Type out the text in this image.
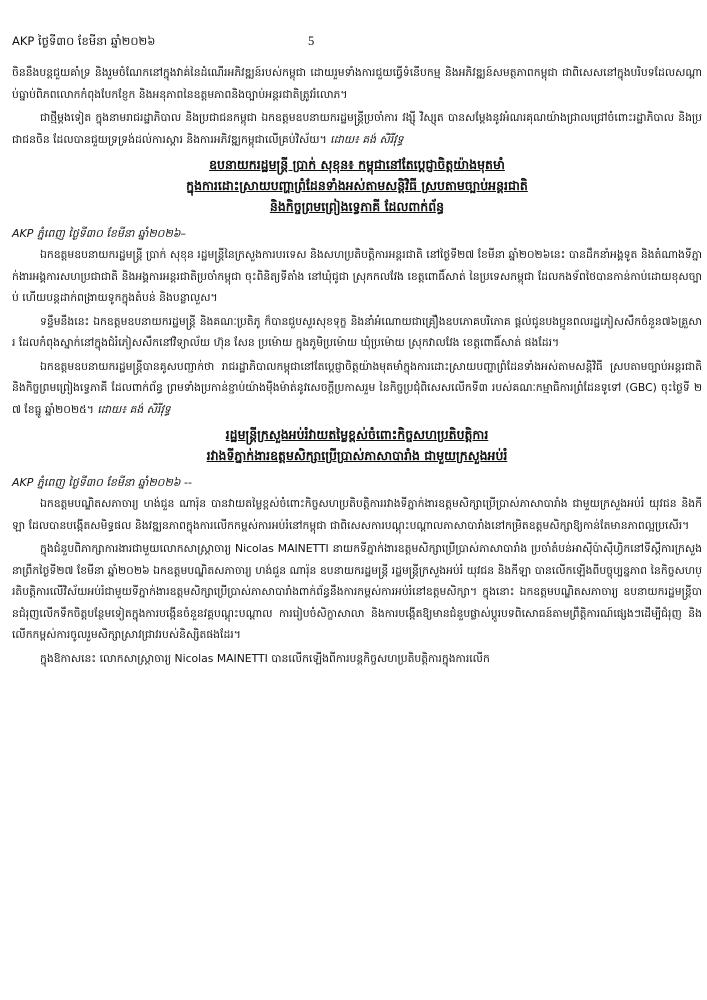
AKP ថ្ងៃទី៣០ ខែមីនា ឆ្នាំ២០២៦	5

ចិននឹងបន្តជួយគាំទ្រ និងរួមចំណែកនៅក្នុងវាគ់នៃដំណើរអភិវឌ្ឍន៍របស់កម្ពុជា ដោយរួមទាំងការជួយធ្វើទំនើបកម្ម និងអភិវឌ្ឍន៍សមត្ថភាពកម្ពុជា ជាពិសេសនៅក្នុងបរិបទដែលសណ្តាប់ធ្នាប់ពិភពលោកកំពុងបែកខ្ញែក និងអនុភាពនៃឧត្តមភាពនិងច្បាប់អន្តរជាតិត្រូវរំលោភ។

ជាថ្មីម្តងទៀត ក្នុងនាមរាជរដ្ឋាភិបាល និងប្រជាជនកម្ពុជា ឯកឧត្តមឧបនាយករដ្ឋមន្ត្រីប្រចាំការ វង្ស៊ី វិស្សុត បានសម្តែងនូវអំណរគុណយ៉ាងជ្រាលជ្រៅចំពោះរដ្ឋាភិបាល និងប្រជាជនចិន ដែលបានជួយទ្រទ្រង់ដល់ការស្តារ និងការអភិវឌ្ឍកម្ពុជាលើគ្រប់វិស័យ។ ដោយ៖ គង់ សិរីវុទ្ធ

ឧបនាយករដ្ឋមន្ត្រី ប្រាក់ សុខុន៖ កម្ពុជានៅតែប្តេជ្ញាចិត្តយ៉ាងមុតមាំ
ក្នុងការដោះស្រាយបញ្ហាព្រំដែនទាំងអស់តាមសន្តិវិធី ស្របតាមច្បាប់អន្តរជាតិ
និងកិច្ចព្រមព្រៀងទ្វេភាគី ដែលពាក់ព័ន្ធ

AKP ភ្នំពេញ ថ្ងៃទី៣០ ខែមីនា ឆ្នាំ២០២៦–

ឯកឧត្តមឧបនាយករដ្ឋមន្ត្រី ប្រាក់ សុខុន រដ្ឋមន្ត្រីនៃក្រសួងការបរទេស និងសហប្រតិបត្តិការអន្តរជាតិ នៅថ្ងៃទី២៧ ខែមីនា ឆ្នាំ២០២៦នេះ បានដឹកនាំអង្គទូត និងតំណាងទីភ្នាក់ងារអង្គការសហប្រជាជាតិ និងអង្គការអន្តរជាតិប្រចាំកម្ពុជា ចុះពិនិត្យទីតាំង នៅឃុំជូជា ស្រុកកលវែង ខេត្តពោធិ៍សាត់ នៃប្រទេសកម្ពុជា ដែលកងទ័ពថៃបានកាន់កាប់ដោយខុសច្បាប់ ហើយបន្តដាក់ពង្រាយទូកក្នុងតំបន់ និងបន្លាលួស។

ទន្ទឹមនឹងនេះ ឯកឧត្តមឧបនាយករដ្ឋមន្ត្រី និងគណៈប្រតិភូ ក៏បានជួបសួរសុខទុក្ខ និងនាំអំណោយជាគ្រឿងឧបភោគបរិភោគ ផ្តល់ជូនបងប្អូនពលរដ្ឋភៀសសឹកចំនួន៧៦គ្រួសារ ដែលកំពុងស្នាក់នៅក្នុងជំរំភៀសសឹកនៅវិទ្យាល័យ ហ៊ុន សែន ប្រម៉ោយ ក្នុងភូមិប្រម៉ោយ ឃុំប្រម៉ោយ ស្រុកវាលវែង ខេត្តពោធិ៍សាត់ ផងដែរ។

ឯកឧត្តមឧបនាយករដ្ឋមន្ត្រីបានគូសបញ្ជាក់ថា រាជរដ្ឋាភិបាលកម្ពុជានៅតែប្តេជ្ញាចិត្តយ៉ាងមុតមាំក្នុងការដោះស្រាយបញ្ហាព្រំដែនទាំងអស់តាមសន្តិវិធី ស្របតាមច្បាប់អន្តរជាតិ និងកិច្ចព្រមព្រៀងទ្វេភាគី ដែលពាក់ព័ន្ធ ព្រមទាំងប្រកាន់ខ្ជាប់យ៉ាងម៉ឺងម៉ាត់នូវសេចក្តីប្រកាសរួម នៃកិច្ចប្រជុំពិសេសលើកទី៣ របស់គណៈកម្មាធិការព្រំដែនទូទៅ (GBC) ចុះថ្ងៃទី ២៧ ខែធ្នូ ឆ្នាំ២០២៥។ ដោយ៖ គង់ សិរីវុទ្ធ

រដ្ឋមន្ត្រីក្រសួងអប់រំវាយតម្លៃខ្ពស់ចំពោះកិច្ចសហប្រតិបត្តិការ
រវាងទីភ្នាក់ងារឧត្តមសិក្សាប្រើប្រាស់ភាសាបារាំង ជាមួយក្រសួងអប់រំ

AKP ភ្នំពេញ ថ្ងៃទី៣០ ខែមីនា ឆ្នាំ២០២៦ --

ឯកឧត្តមបណ្ឌិតសភាចារ្យ ហង់ជួន ណារ៉ុន បានវាយតម្លៃខ្ពស់ចំពោះកិច្ចសហប្រតិបត្តិការរវាងទីភ្នាក់ងារឧត្តមសិក្សាប្រើប្រាស់ភាសាបារាំង ជាមួយក្រសួងអប់រំ យុវជន និងកីឡា ដែលបានបង្កើតសមិទ្ធផល និងវឌ្ឍនភាពក្នុងការលើកកម្ពស់ការអប់រំនៅកម្ពុជា ជាពិសេសការបណ្តុះបណ្តាលភាសាបារាំងនៅកម្រិតឧត្តមសិក្សាឱ្យកាន់តែមានភាពល្អប្រសើរ។

ក្នុងជំនួបពិភាក្សាការងារជាមួយលោកសាស្ត្រាចារ្យ Nicolas MAINETTI នាយកទីភ្នាក់ងារឧត្តមសិក្សាប្រើប្រាស់ភាសាបារាំង ប្រចាំតំបន់អាស៊ីប៉ាស៊ីហ្វិកនៅទីស្តីការក្រសួង នាព្រឹកថ្ងៃទី២៧ ខែមីនា ឆ្នាំ២០២៦ ឯកឧត្តមបណ្ឌិតសភាចារ្យ ហង់ជួន ណារ៉ុន ឧបនាយករដ្ឋមន្ត្រី រដ្ឋមន្ត្រីក្រសួងអប់រំ យុវជន និងកីឡា បានលើកឡើងពីបច្ចុប្បន្នភាព នៃកិច្ចសហប្រតិបត្តិការលើវិស័យអប់រំជាមួយទីភ្នាក់ងារឧត្តមសិក្សាប្រើប្រាស់ភាសាបារាំងពាក់ព័ន្ធនឹងការកម្ពស់ការអប់រំនៅឧត្តមសិក្សា។ ក្នុងនោះ ឯកឧត្តមបណ្ឌិតសភាចារ្យ ឧបនាយករដ្ឋមន្ត្រីបានជំរុញលើកទឹកចិត្តបន្ថែមទៀតក្នុងការបង្កើនចំនួនវគ្គបណ្តុះបណ្តាល ការរៀបចំសិក្ខាសាលា និងការបង្កើតឱ្យមានជំនួបផ្លាស់ប្តូរបទពិសោធន៍តាមព្រឹត្តិការណ៍ផ្សេងៗដើម្បីជំរុញ និងលើកកម្ពស់ការចូលរួមសិក្សាស្រាវជ្រាវរបស់និស្សិតផងដែរ។

ក្នុងឱកាសនេះ លោកសាស្ត្រាចារ្យ Nicolas MAINETTI បានលើកឡើងពីការបន្តកិច្ចសហប្រតិបត្តិការក្នុងការលើក
